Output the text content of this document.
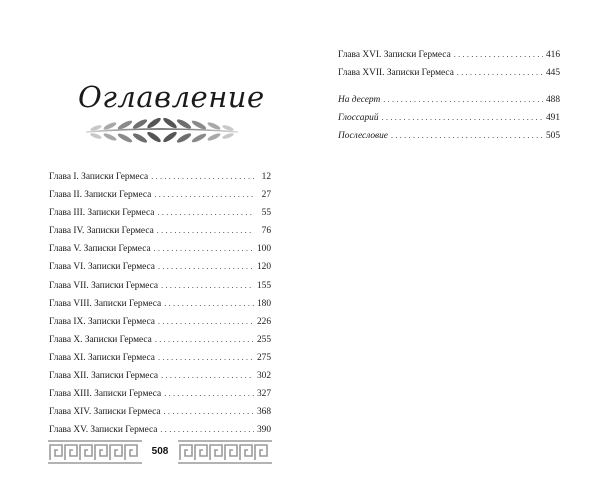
Оглавление
Глава I. Записки Гермеса . . .	12
Глава II. Записки Гермеса . . .	27
Глава III. Записки Гермеса . . .	55
Глава IV. Записки Гермеса . . .	76
Глава V. Записки Гермеса . . .	100
Глава VI. Записки Гермеса . . .	120
Глава VII. Записки Гермеса . . .	155
Глава VIII. Записки Гермеса . . .	180
Глава IX. Записки Гермеса . . .	226
Глава X. Записки Гермеса . . .	255
Глава XI. Записки Гермеса . . .	275
Глава XII. Записки Гермеса . . .	302
Глава XIII. Записки Гермеса . . .	327
Глава XIV. Записки Гермеса . . .	368
Глава XV. Записки Гермеса . . .	390
508
Глава XVI. Записки Гермеса . . .	416
Глава XVII. Записки Гермеса . . .	445
На десерт . . .	488
Глоссарий . . .	491
Послесловие . . .	505
